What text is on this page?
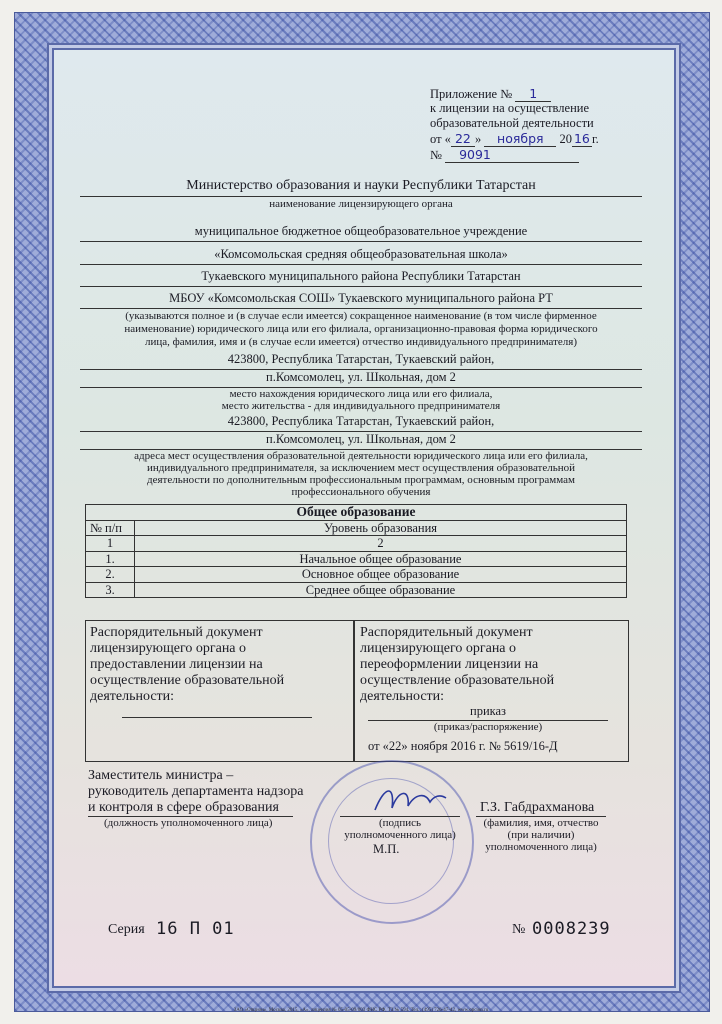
Приложение № 1
к лицензии на осуществление
образовательной деятельности
от « 22 » ноября 20 16 г.
№ 9091
Министерство образования и науки Республики Татарстан
наименование лицензирующего органа
муниципальное бюджетное общеобразовательное учреждение
«Комсомольская средняя общеобразовательная школа»
Тукаевского муниципального района Республики Татарстан
МБОУ «Комсомольская СОШ» Тукаевского муниципального района РТ
(указываются полное и (в случае если имеется) сокращенное наименование (в том числе фирменное
наименование) юридического лица или его филиала, организационно-правовая форма юридического
лица, фамилия, имя и (в случае если имеется) отчество индивидуального предпринимателя)
423800, Республика Татарстан, Тукаевский район,
п.Комсомолец, ул. Школьная, дом 2
место нахождения юридического лица или его филиала,
место жительства - для индивидуального предпринимателя
423800, Республика Татарстан, Тукаевский район,
п.Комсомолец, ул. Школьная, дом 2
адреса мест осуществления образовательной деятельности юридического лица или его филиала,
индивидуального предпринимателя, за исключением мест осуществления образовательной
деятельности по дополнительным профессиональным программам, основным программам
профессионального обучения
Общее образование	
№ п/п	Уровень образования
1	2
1.	Начальное общее образование
2.	Основное общее образование
3.	Среднее общее образование
Распорядительный документ
лицензирующего органа о
предоставлении лицензии на
осуществление образовательной
деятельности:
Распорядительный документ
лицензирующего органа о
переоформлении лицензии на
осуществление образовательной
деятельности:
приказ
(приказ/распоряжение)
от «22» ноября 2016 г. № 5619/16-Д
Заместитель министра –
руководитель департамента надзора
и контроля в сфере образования
(должность уполномоченного лица)	(подпись
уполномоченного лица)
М.П.
Г.З. Габдрахманова
(фамилия, имя, отчество
(при наличии)
уполномоченного лица)
Серия 16 П 01	№ 0008239
ЗАО «Опцион», Москва, 2015, «А», лицензия № 05-05-09/003 ФНС РФ, ТЗ № 594. Тел.: (495) 726-47-42, www.opcion.ru
